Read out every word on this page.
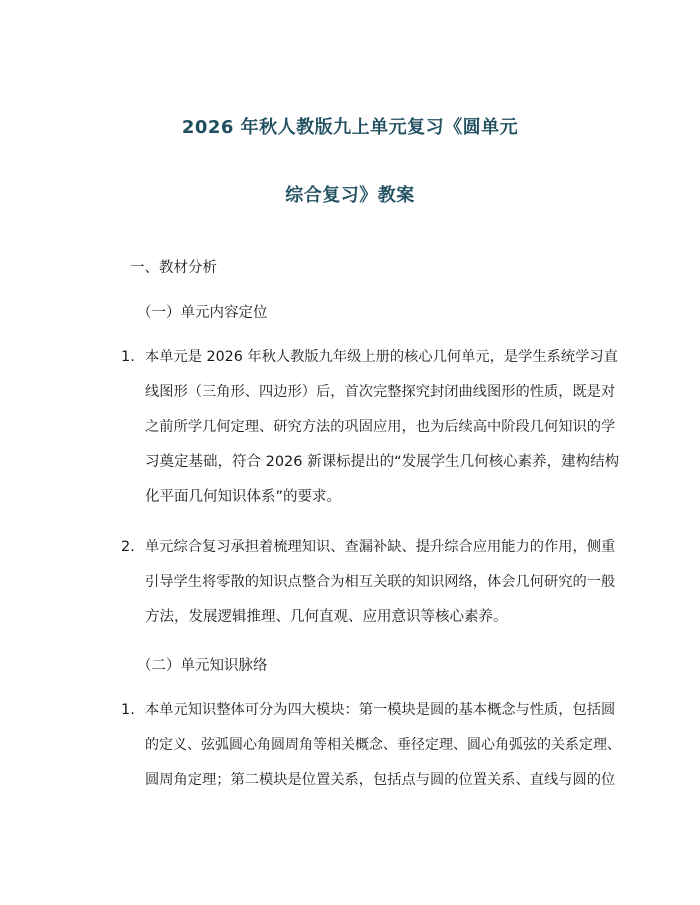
2026 年秋人教版九上单元复习《圆单元
综合复习》教案
一、教材分析
（一）单元内容定位
1. 本单元是 2026 年秋人教版九年级上册的核心几何单元，是学生系统学习直
线图形（三角形、四边形）后，首次完整探究封闭曲线图形的性质，既是对
之前所学几何定理、研究方法的巩固应用，也为后续高中阶段几何知识的学
习奠定基础，符合 2026 新课标提出的“发展学生几何核心素养，建构结构
化平面几何知识体系”的要求。
2. 单元综合复习承担着梳理知识、查漏补缺、提升综合应用能力的作用，侧重
引导学生将零散的知识点整合为相互关联的知识网络，体会几何研究的一般
方法，发展逻辑推理、几何直观、应用意识等核心素养。
（二）单元知识脉络
1. 本单元知识整体可分为四大模块：第一模块是圆的基本概念与性质，包括圆
的定义、弦弧圆心角圆周角等相关概念、垂径定理、圆心角弧弦的关系定理、
圆周角定理；第二模块是位置关系，包括点与圆的位置关系、直线与圆的位
